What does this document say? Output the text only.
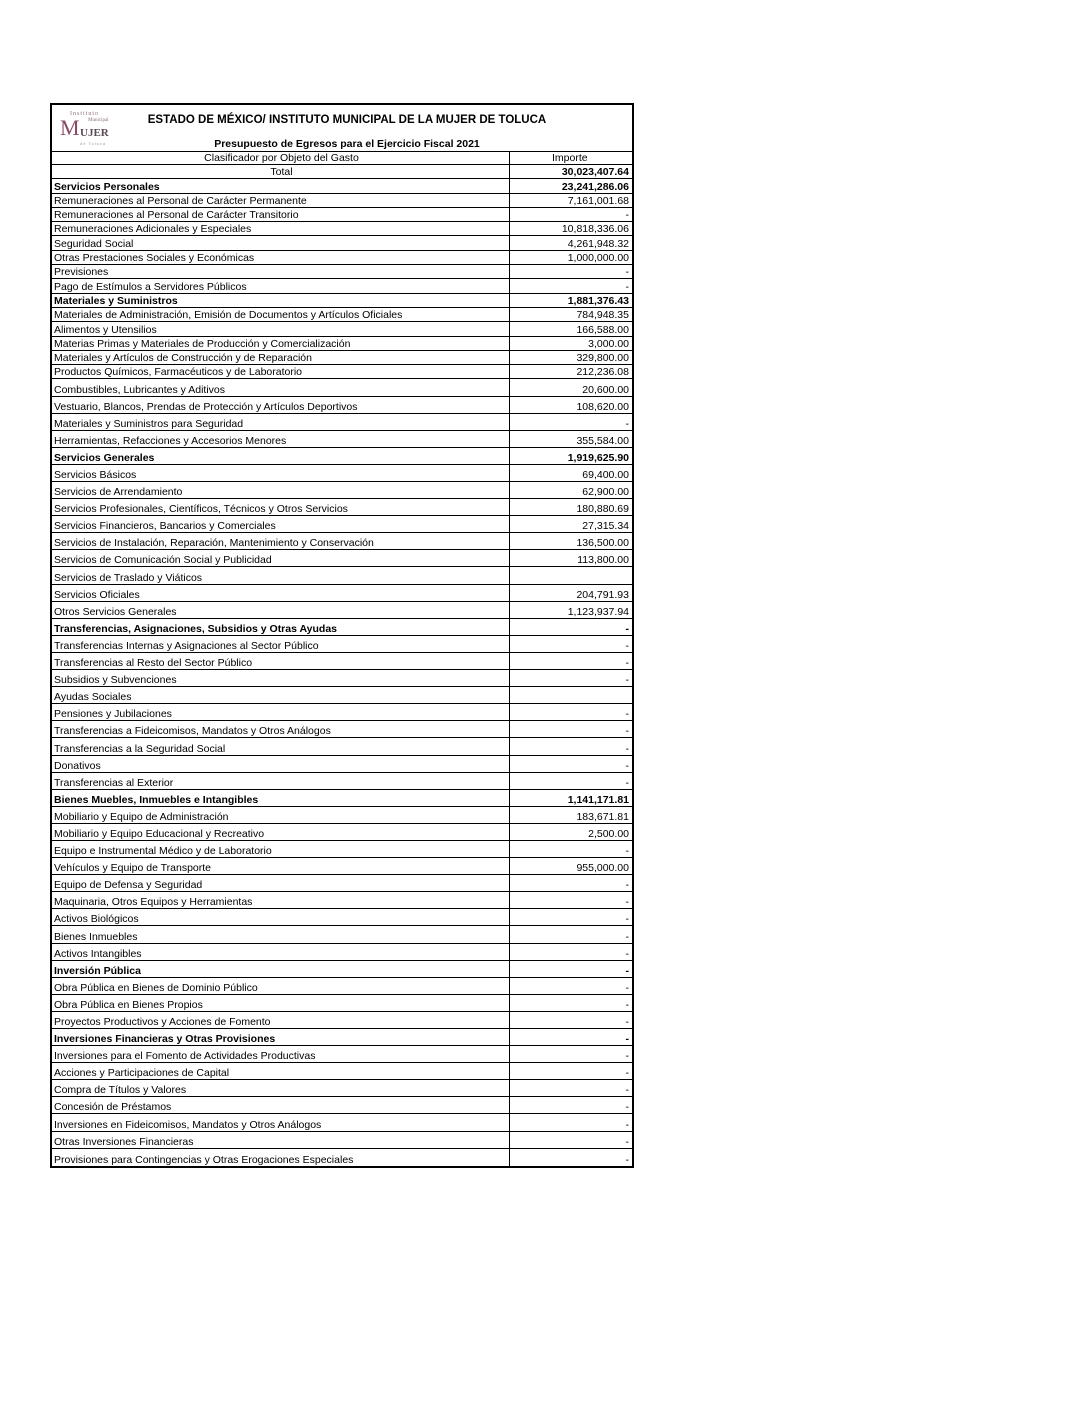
Instituto
Municipal
M UJER
de Toluca
ESTADO DE MÉXICO/ INSTITUTO MUNICIPAL DE LA MUJER DE TOLUCA
Presupuesto de Egresos para el Ejercicio Fiscal 2021
Clasificador por Objeto del Gasto	Importe
Total	30,023,407.64
Servicios Personales	23,241,286.06
Remuneraciones al Personal de Carácter Permanente	7,161,001.68
Remuneraciones al Personal de Carácter Transitorio	-
Remuneraciones Adicionales y Especiales	10,818,336.06
Seguridad Social	4,261,948.32
Otras Prestaciones Sociales y Económicas	1,000,000.00
Previsiones	-
Pago de Estímulos a Servidores Públicos	-
Materiales y Suministros	1,881,376.43
Materiales de Administración, Emisión de Documentos y Artículos Oficiales	784,948.35
Alimentos y Utensilios	166,588.00
Materias Primas y Materiales de Producción y Comercialización	3,000.00
Materiales y Artículos de Construcción y de Reparación	329,800.00
Productos Químicos, Farmacéuticos y de Laboratorio	212,236.08
Combustibles, Lubricantes y Aditivos	20,600.00
Vestuario, Blancos, Prendas de Protección y Artículos Deportivos	108,620.00
Materiales y Suministros para Seguridad	-
Herramientas, Refacciones y Accesorios Menores	355,584.00
Servicios Generales	1,919,625.90
Servicios Básicos	69,400.00
Servicios de Arrendamiento	62,900.00
Servicios Profesionales, Científicos, Técnicos y Otros Servicios	180,880.69
Servicios Financieros, Bancarios y Comerciales	27,315.34
Servicios de Instalación, Reparación, Mantenimiento y Conservación	136,500.00
Servicios de Comunicación Social y Publicidad	113,800.00
Servicios de Traslado y Viáticos
Servicios Oficiales	204,791.93
Otros Servicios Generales	1,123,937.94
Transferencias, Asignaciones, Subsidios y Otras Ayudas	-
Transferencias Internas y Asignaciones al Sector Público	-
Transferencias al Resto del Sector Público	-
Subsidios y Subvenciones	-
Ayudas Sociales
Pensiones y Jubilaciones	-
Transferencias a Fideicomisos, Mandatos y Otros Análogos	-
Transferencias a la Seguridad Social	-
Donativos	-
Transferencias al Exterior	-
Bienes Muebles, Inmuebles e Intangibles	1,141,171.81
Mobiliario y Equipo de Administración	183,671.81
Mobiliario y Equipo Educacional y Recreativo	2,500.00
Equipo e Instrumental Médico y de Laboratorio	-
Vehículos y Equipo de Transporte	955,000.00
Equipo de Defensa y Seguridad	-
Maquinaria, Otros Equipos y Herramientas	-
Activos Biológicos	-
Bienes Inmuebles	-
Activos Intangibles	-
Inversión Pública	-
Obra Pública en Bienes de Dominio Público	-
Obra Pública en Bienes Propios	-
Proyectos Productivos y Acciones de Fomento	-
Inversiones Financieras y Otras Provisiones	-
Inversiones para el Fomento de Actividades Productivas	-
Acciones y Participaciones de Capital	-
Compra de Títulos y Valores	-
Concesión de Préstamos	-
Inversiones en Fideicomisos, Mandatos y Otros Análogos	-
Otras Inversiones Financieras	-
Provisiones para Contingencias y Otras Erogaciones Especiales	-
